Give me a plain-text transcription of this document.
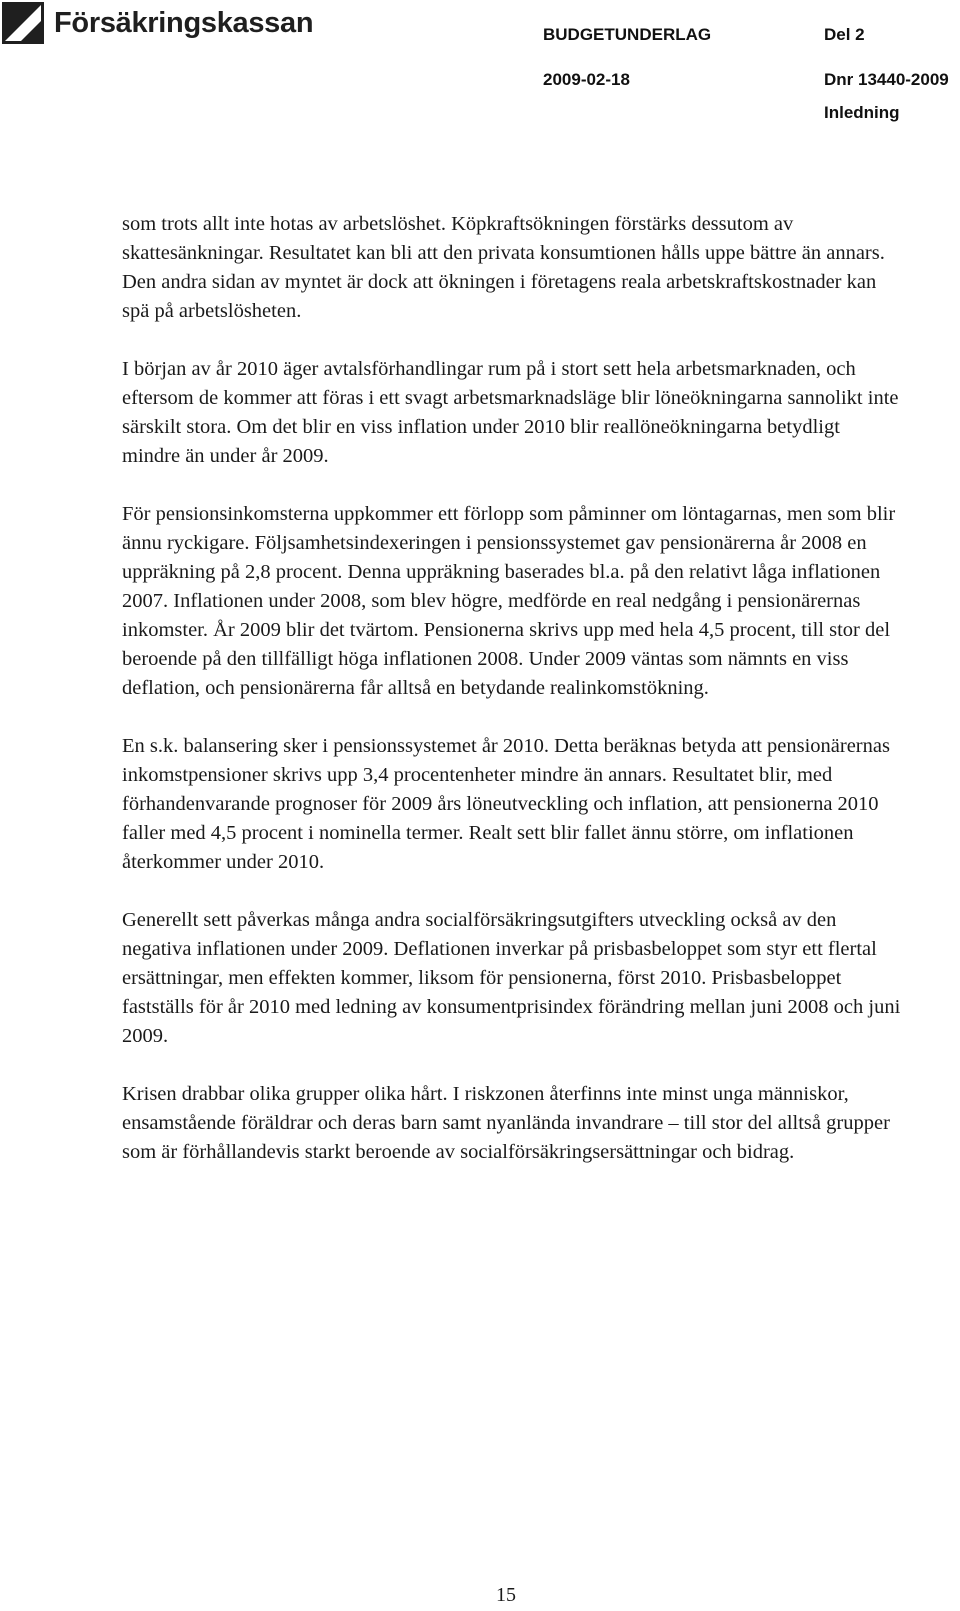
Försäkringskassan	BUDGETUNDERLAG	Del 2
2009-02-18	Dnr 13440-2009
Inledning

som trots allt inte hotas av arbetslöshet. Köpkraftsökningen förstärks dessutom av skattesänkningar. Resultatet kan bli att den privata konsumtionen hålls uppe bättre än annars. Den andra sidan av myntet är dock att ökningen i företagens reala arbetskraftskostnader kan spä på arbetslösheten.

I början av år 2010 äger avtalsförhandlingar rum på i stort sett hela arbetsmarknaden, och eftersom de kommer att föras i ett svagt arbetsmarknadsläge blir löneökningarna sannolikt inte särskilt stora. Om det blir en viss inflation under 2010 blir reallöneökningarna betydligt mindre än under år 2009.

För pensionsinkomsterna uppkommer ett förlopp som påminner om löntagarnas, men som blir ännu ryckigare. Följsamhetsindexeringen i pensionssystemet gav pensionärerna år 2008 en uppräkning på 2,8 procent. Denna uppräkning baserades bl.a. på den relativt låga inflationen 2007. Inflationen under 2008, som blev högre, medförde en real nedgång i pensionärernas inkomster. År 2009 blir det tvärtom. Pensionerna skrivs upp med hela 4,5 procent, till stor del beroende på den tillfälligt höga inflationen 2008. Under 2009 väntas som nämnts en viss deflation, och pensionärerna får alltså en betydande realinkomstökning.

En s.k. balansering sker i pensionssystemet år 2010. Detta beräknas betyda att pensionärernas inkomstpensioner skrivs upp 3,4 procentenheter mindre än annars. Resultatet blir, med förhandenvarande prognoser för 2009 års löneutveckling och inflation, att pensionerna 2010 faller med 4,5 procent i nominella termer. Realt sett blir fallet ännu större, om inflationen återkommer under 2010.

Generellt sett påverkas många andra socialförsäkringsutgifters utveckling också av den negativa inflationen under 2009. Deflationen inverkar på prisbasbeloppet som styr ett flertal ersättningar, men effekten kommer, liksom för pensionerna, först 2010. Prisbasbeloppet fastställs för år 2010 med ledning av konsumentprisindex förändring mellan juni 2008 och juni 2009.

Krisen drabbar olika grupper olika hårt. I riskzonen återfinns inte minst unga människor, ensamstående föräldrar och deras barn samt nyanlända invandrare – till stor del alltså grupper som är förhållandevis starkt beroende av socialförsäkringsersättningar och bidrag.

15
